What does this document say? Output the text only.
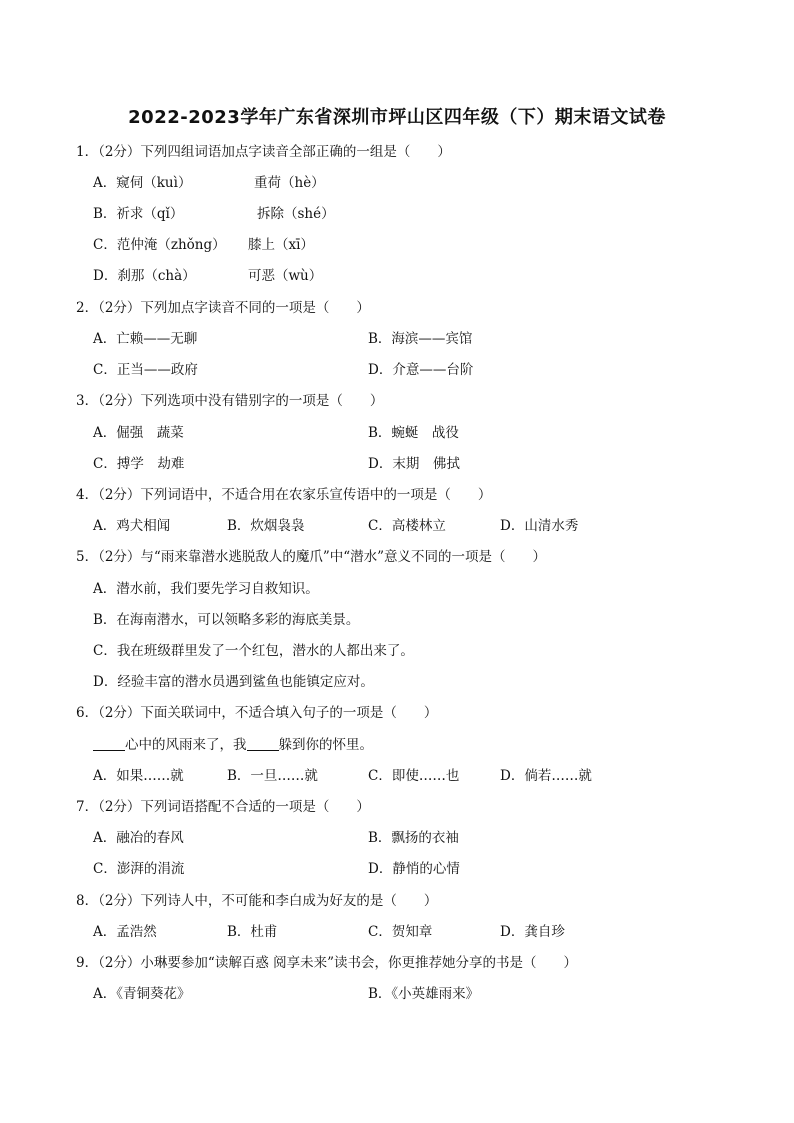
2022-2023学年广东省深圳市坪山区四年级（下）期末语文试卷
1．（2分）下列四组词语加点字读音全部正确的一组是（　　）
A．窥伺（kuì）	重荷（hè）
B．祈求（qǐ）	拆除（shé）
C．范仲淹（zhǒng） 膝上（xī）
D．刹那（chà）	可恶（wù）
2．（2分）下列加点字读音不同的一项是（　　）
A．亡赖——无聊	B．海滨——宾馆
C．正当——政府	D．介意——台阶
3．（2分）下列选项中没有错别字的一项是（　　）
A．倔强　蔬菜	B．蜿蜒　战役
C．搏学　劫难	D．末期　佛拭
4．（2分）下列词语中，不适合用在农家乐宣传语中的一项是（　　）
A．鸡犬相闻	B．炊烟袅袅	C．高楼林立	D．山清水秀
5．（2分）与“雨来靠潜水逃脱敌人的魔爪”中“潜水”意义不同的一项是（　　）
A．潜水前，我们要先学习自救知识。
B．在海南潜水，可以领略多彩的海底美景。
C．我在班级群里发了一个红包，潜水的人都出来了。
D．经验丰富的潜水员遇到鲨鱼也能镇定应对。
6．（2分）下面关联词中，不适合填入句子的一项是（　　）
心中的风雨来了，我 躲到你的怀里。
A．如果……就	B．一旦……就	C．即使……也	D．倘若……就
7．（2分）下列词语搭配不合适的一项是（　　）
A．融冶的春风	B．飘扬的衣袖
C．澎湃的涓流	D．静悄的心情
8．（2分）下列诗人中，不可能和李白成为好友的是（　　）
A．孟浩然	B．杜甫	C．贺知章	D．龚自珍
9．（2分）小琳要参加“读解百惑 阅享未来”读书会，你更推荐她分享的书是（　　）
A．《青铜葵花》	B．《小英雄雨来》
